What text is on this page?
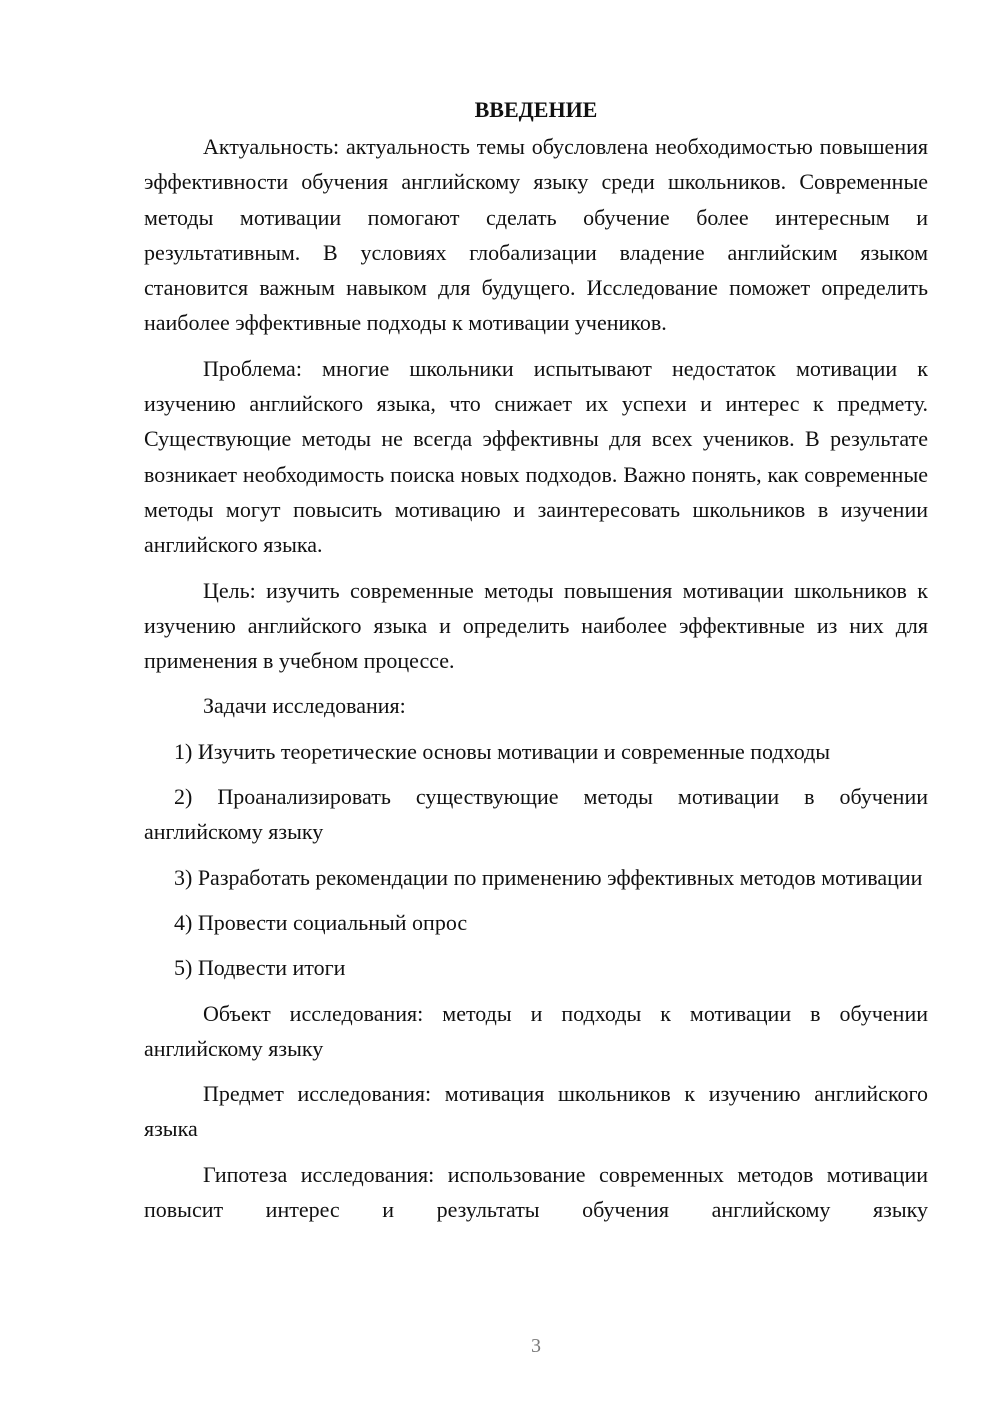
ВВЕДЕНИЕ

Актуальность: актуальность темы обусловлена необходимостью повышения эффективности обучения английскому языку среди школьников. Современные методы мотивации помогают сделать обучение более интересным и результативным. В условиях глобализации владение английским языком становится важным навыком для будущего. Исследование поможет определить наиболее эффективные подходы к мотивации учеников.

Проблема: многие школьники испытывают недостаток мотивации к изучению английского языка, что снижает их успехи и интерес к предмету. Существующие методы не всегда эффективны для всех учеников. В результате возникает необходимость поиска новых подходов. Важно понять, как современные методы могут повысить мотивацию и заинтересовать школьников в изучении английского языка.

Цель: изучить современные методы повышения мотивации школьников к изучению английского языка и определить наиболее эффективные из них для применения в учебном процессе.

Задачи исследования:

1) Изучить теоретические основы мотивации и современные подходы

2) Проанализировать существующие методы мотивации в обучении английскому языку

3) Разработать рекомендации по применению эффективных методов мотивации

4) Провести социальный опрос

5) Подвести итоги

Объект исследования: методы и подходы к мотивации в обучении английскому языку

Предмет исследования: мотивация школьников к изучению английского языка

Гипотеза исследования: использование современных методов мотивации повысит интерес и результаты обучения английскому языку

3
